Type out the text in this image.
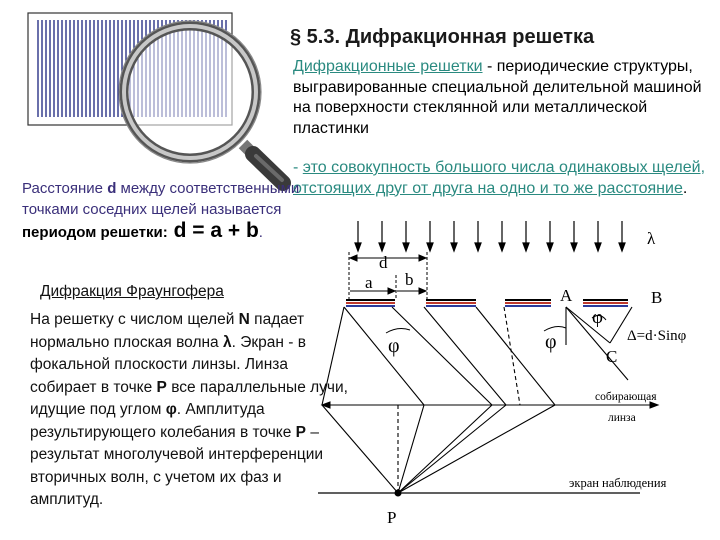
λ
d
a b
A	B
C
φ	φ
φ
Δ=d·Sinφ
собирающая
линза
экран наблюдения
P
§ 5.3. Дифракционная решетка
Дифракционные решетки - периодические структуры, выгравированные специальной делительной машиной на поверхности стеклянной или металлической пластинки
- это совокупность большого числа одинаковых щелей, отстоящих друг от друга на одно и то же расстояние.
Расстояние d между соответственными точками соседних щелей называется
периодом решетки: d = a + b.
Дифракция Фраунгофера
На решетку с числом щелей N падает нормально плоская волна λ. Экран - в фокальной плоскости линзы. Линза собирает в точке P все параллельные лучи, идущие под углом φ. Амплитуда результирующего колебания в точке P – результат многолучевой интерференции вторичных волн, с учетом их фаз и амплитуд.
